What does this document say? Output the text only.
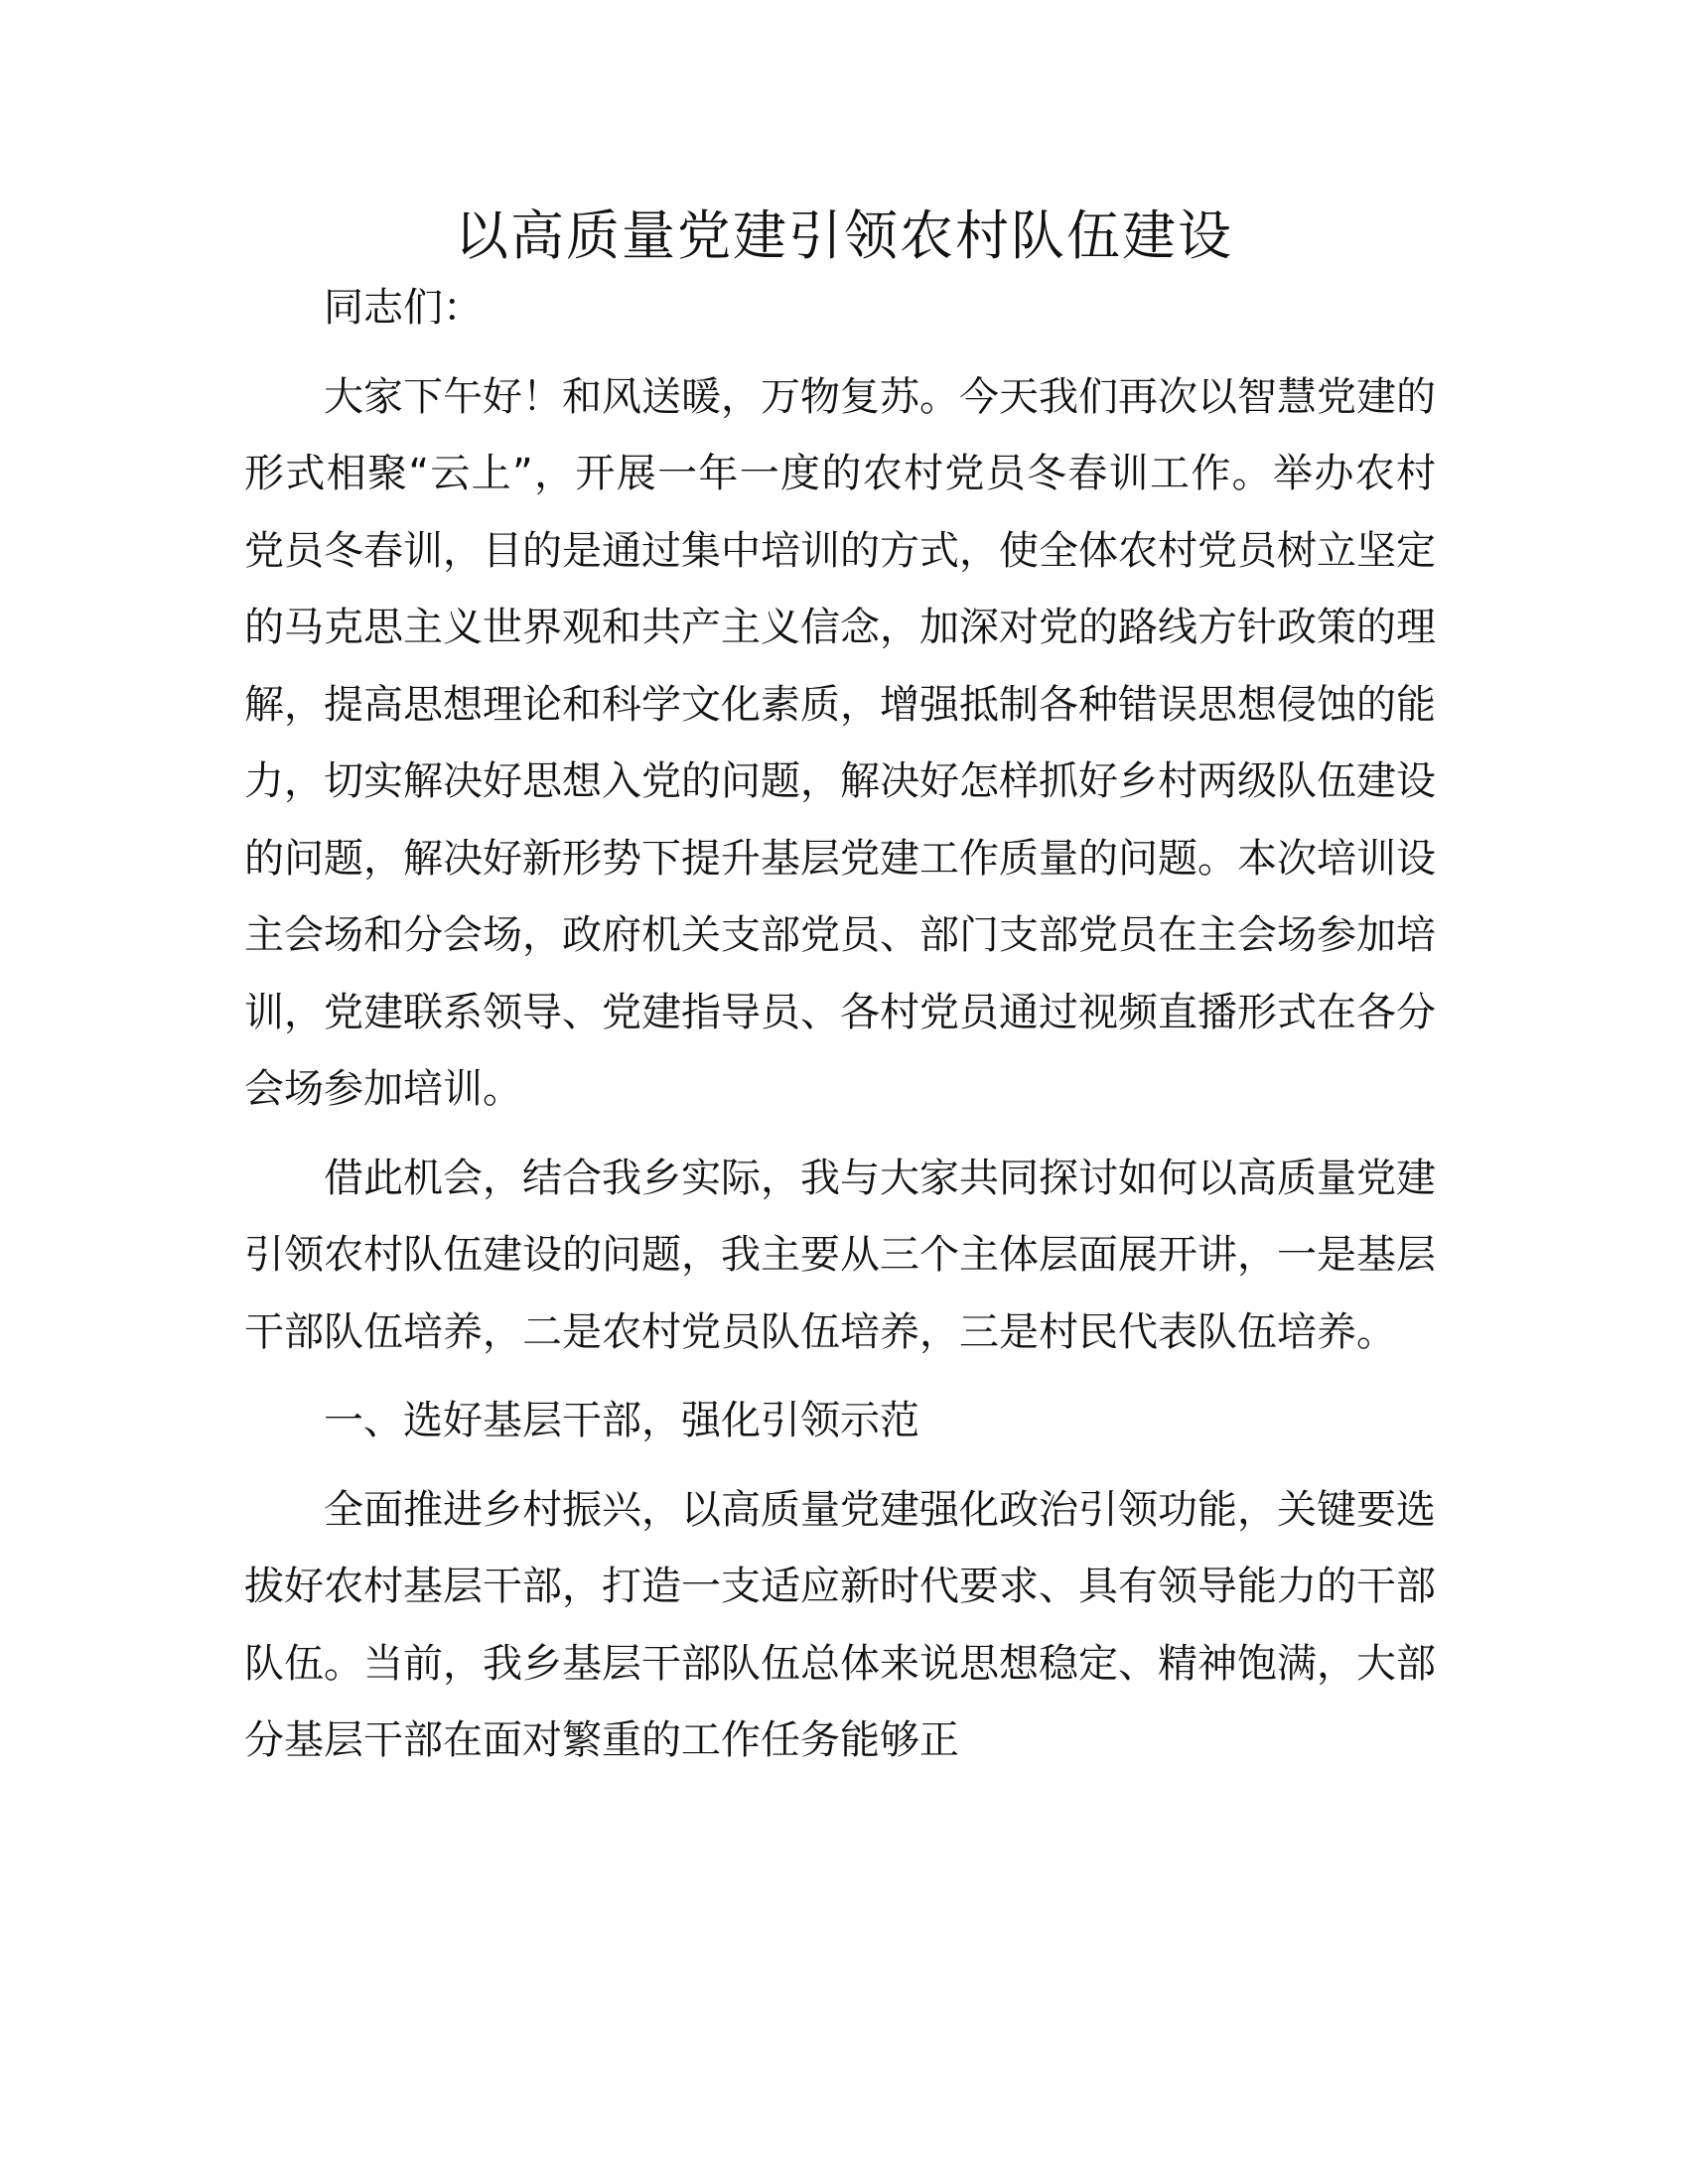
以高质量党建引领农村队伍建设

同志们：

大家下午好！和风送暖，万物复苏。今天我们再次以智慧党建的形式相聚“云上”，开展一年一度的农村党员冬春训工作。举办农村党员冬春训，目的是通过集中培训的方式，使全体农村党员树立坚定的马克思主义世界观和共产主义信念，加深对党的路线方针政策的理解，提高思想理论和科学文化素质，增强抵制各种错误思想侵蚀的能力，切实解决好思想入党的问题，解决好怎样抓好乡村两级队伍建设的问题，解决好新形势下提升基层党建工作质量的问题。本次培训设主会场和分会场，政府机关支部党员、部门支部党员在主会场参加培训，党建联系领导、党建指导员、各村党员通过视频直播形式在各分会场参加培训。

借此机会，结合我乡实际，我与大家共同探讨如何以高质量党建引领农村队伍建设的问题，我主要从三个主体层面展开讲，一是基层干部队伍培养，二是农村党员队伍培养，三是村民代表队伍培养。

一、选好基层干部，强化引领示范

全面推进乡村振兴，以高质量党建强化政治引领功能，关键要选拔好农村基层干部，打造一支适应新时代要求、具有领导能力的干部队伍。当前，我乡基层干部队伍总体来说思想稳定、精神饱满，大部分基层干部在面对繁重的工作任务能够正
